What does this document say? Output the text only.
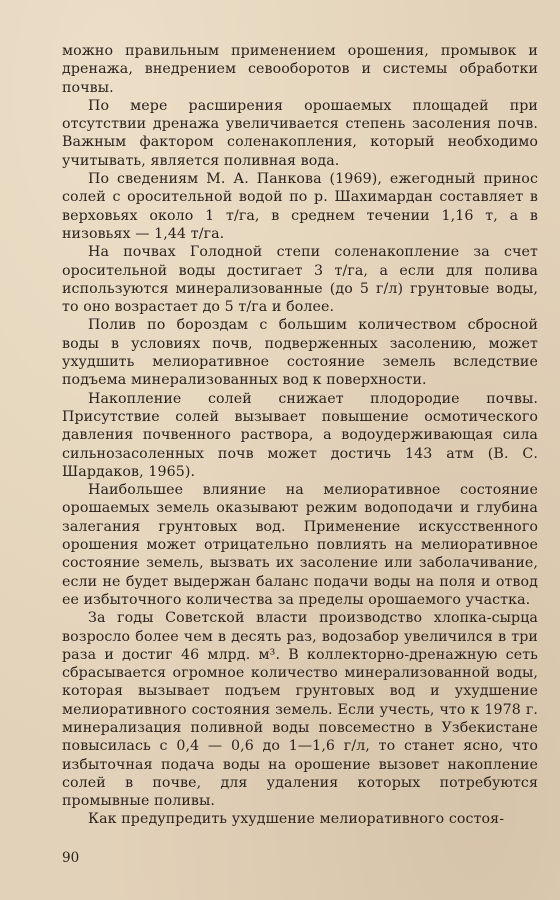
можно правильным применением орошения, промывок и дренажа, внедрением севооборотов и системы обработки почвы.

По мере расширения орошаемых площадей при отсутствии дренажа увеличивается степень засоления почв. Важным фактором соленакопления, который необходимо учитывать, является поливная вода.

По сведениям М. А. Панкова (1969), ежегодный принос солей с оросительной водой по р. Шахимардан составляет в верховьях около 1 т/га, в среднем течении 1,16 т, а в низовьях — 1,44 т/га.

На почвах Голодной степи соленакопление за счет оросительной воды достигает 3 т/га, а если для полива используются минерализованные (до 5 г/л) грунтовые воды, то оно возрастает до 5 т/га и более.

Полив по бороздам с большим количеством сбросной воды в условиях почв, подверженных засолению, может ухудшить мелиоративное состояние земель вследствие подъема минерализованных вод к поверхности.

Накопление солей снижает плодородие почвы. Присутствие солей вызывает повышение осмотического давления почвенного раствора, а водоудерживающая сила сильнозасоленных почв может достичь 143 атм (В. С. Шардаков, 1965).

Наибольшее влияние на мелиоративное состояние орошаемых земель оказывают режим водоподачи и глубина залегания грунтовых вод. Применение искусственного орошения может отрицательно повлиять на мелиоративное состояние земель, вызвать их засоление или заболачивание, если не будет выдержан баланс подачи воды на поля и отвод ее избыточного количества за пределы орошаемого участка.

За годы Советской власти производство хлопка-сырца возросло более чем в десять раз, водозабор увеличился в три раза и достиг 46 млрд. м³. В коллекторно-дренажную сеть сбрасывается огромное количество минерализованной воды, которая вызывает подъем грунтовых вод и ухудшение мелиоративного состояния земель. Если учесть, что к 1978 г. минерализация поливной воды повсеместно в Узбекистане повысилась с 0,4 — 0,6 до 1—1,6 г/л, то станет ясно, что избыточная подача воды на орошение вызовет накопление солей в почве, для удаления которых потребуются промывные поливы.

Как предупредить ухудшение мелиоративного состоя-

90
